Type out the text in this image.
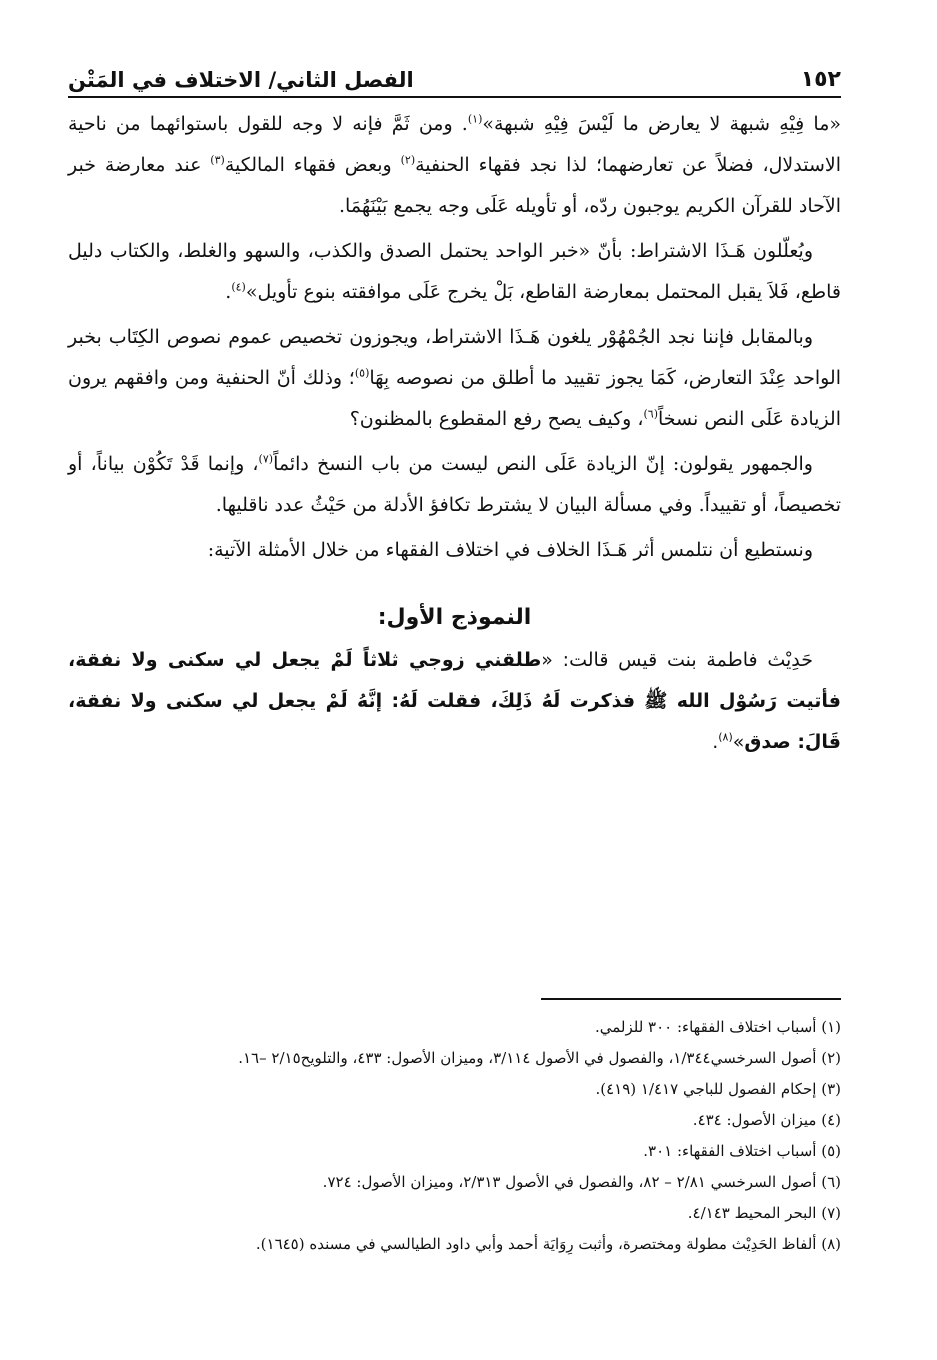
١٥٢
الفصل الثاني/ الاختلاف في المَتْن

«ما فِيْهِ شبهة لا يعارض ما لَيْسَ فِيْهِ شبهة»$^{(١)}$. ومن ثَمَّ فإنه لا وجه للقول باستوائهما من ناحية الاستدلال، فضلاً عن تعارضهما؛ لذا نجد فقهاء الحنفية$^{(٢)}$ وبعض فقهاء المالكية$^{(٣)}$ عند معارضة خبر الآحاد للقرآن الكريم يوجبون ردّه، أو تأويله عَلَى وجه يجمع بَيْنَهُمَا.

ويُعلّلون هَـذَا الاشتراط: بأنّ «خبر الواحد يحتمل الصدق والكذب، والسهو والغلط، والكتاب دليل قاطع، فَلاَ يقبل المحتمل بمعارضة القاطع، بَلْ يخرج عَلَى موافقته بنوع تأويل»$^{(٤)}$.

وبالمقابل فإننا نجد الجُمْهُوْر يلغون هَـذَا الاشتراط، ويجوزون تخصيص عموم نصوص الكِتَاب بخبر الواحد عِنْدَ التعارض، كَمَا يجوز تقييد ما أطلق من نصوصه بِهَا$^{(٥)}$؛ وذلك أنّ الحنفية ومن وافقهم يرون الزيادة عَلَى النص نسخاً$^{(٦)}$، وكيف يصح رفع المقطوع بالمظنون؟

والجمهور يقولون: إنّ الزيادة عَلَى النص ليست من باب النسخ دائماً$^{(٧)}$، وإنما قَدْ تَكُوْن بياناً، أو تخصيصاً، أو تقييداً. وفي مسألة البيان لا يشترط تكافؤ الأدلة من حَيْثُ عدد ناقليها.

ونستطيع أن نتلمس أثر هَـذَا الخلاف في اختلاف الفقهاء من خلال الأمثلة الآتية:

النموذج الأول:

حَدِيْث فاطمة بنت قيس قالت: «طلقني زوجي ثلاثاً لَمْ يجعل لي سكنى ولا نفقة، فأتيت رَسُوْل الله ﷺ فذكرت لَهُ ذَلِكَ، فقلت لَهُ: إنَّهُ لَمْ يجعل لي سكنى ولا نفقة، قَالَ: صدق»$^{(٨)}$.

(١) أسباب اختلاف الفقهاء: ٣٠٠ للزلمي.

(٢) أصول السرخسي١/٣٤٤، والفصول في الأصول ٣/١١٤، وميزان الأصول: ٤٣٣، والتلويح٢/١٥ –١٦.

(٣) إحكام الفصول للباجي ١/٤١٧ (٤١٩).

(٤) ميزان الأصول: ٤٣٤.

(٥) أسباب اختلاف الفقهاء: ٣٠١.

(٦) أصول السرخسي ٢/٨١ – ٨٢، والفصول في الأصول ٢/٣١٣، وميزان الأصول: ٧٢٤.

(٧) البحر المحيط ٤/١٤٣.

(٨) ألفاظ الحَدِيْث مطولة ومختصرة، وأثبت رِوَايَة أحمد وأبي داود الطيالسي في مسنده (١٦٤٥).
